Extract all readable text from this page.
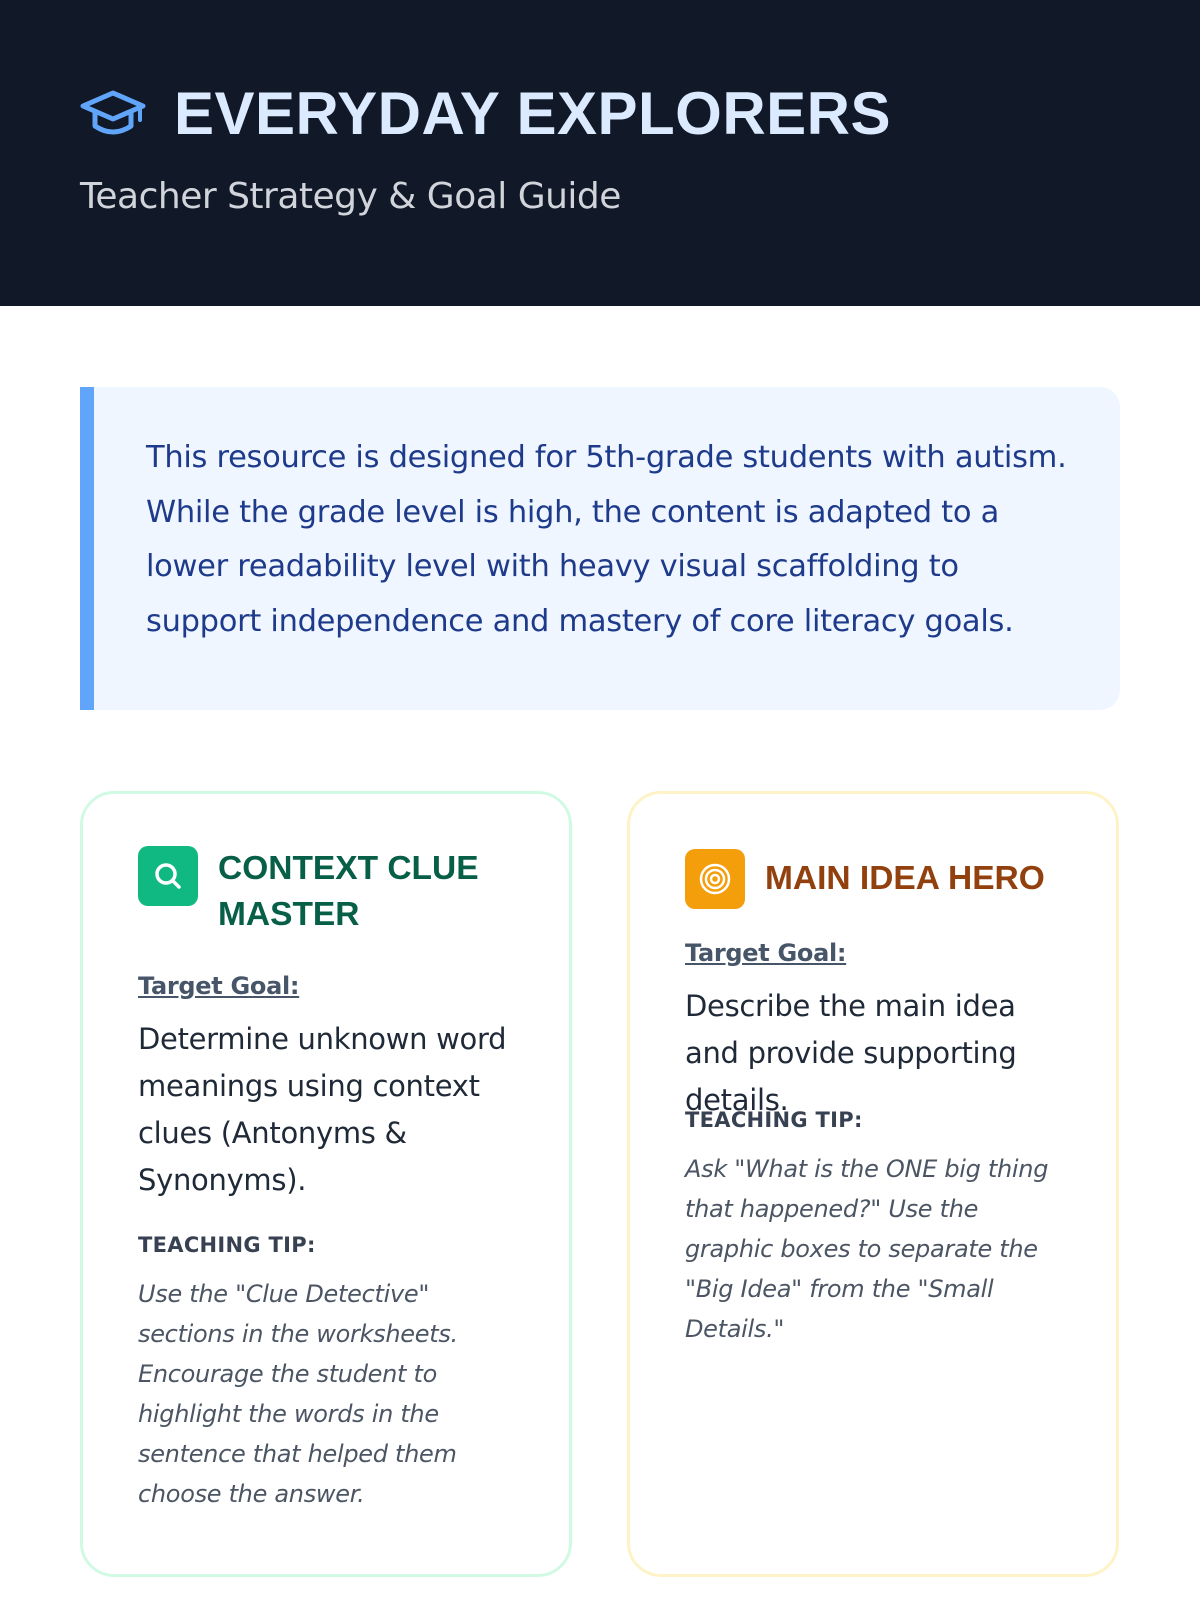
EVERYDAY EXPLORERS
Teacher Strategy & Goal Guide
This resource is designed for 5th-grade students with autism. While the grade level is high, the content is adapted to a lower readability level with heavy visual scaffolding to support independence and mastery of core literacy goals.
CONTEXT CLUE MASTER
Target Goal:
Determine unknown word meanings using context clues (Antonyms & Synonyms).
TEACHING TIP:
Use the "Clue Detective" sections in the worksheets. Encourage the student to highlight the words in the sentence that helped them choose the answer.
MAIN IDEA HERO
Target Goal:
Describe the main idea and provide supporting details.
TEACHING TIP:
Ask "What is the ONE big thing that happened?" Use the graphic boxes to separate the "Big Idea" from the "Small Details."
